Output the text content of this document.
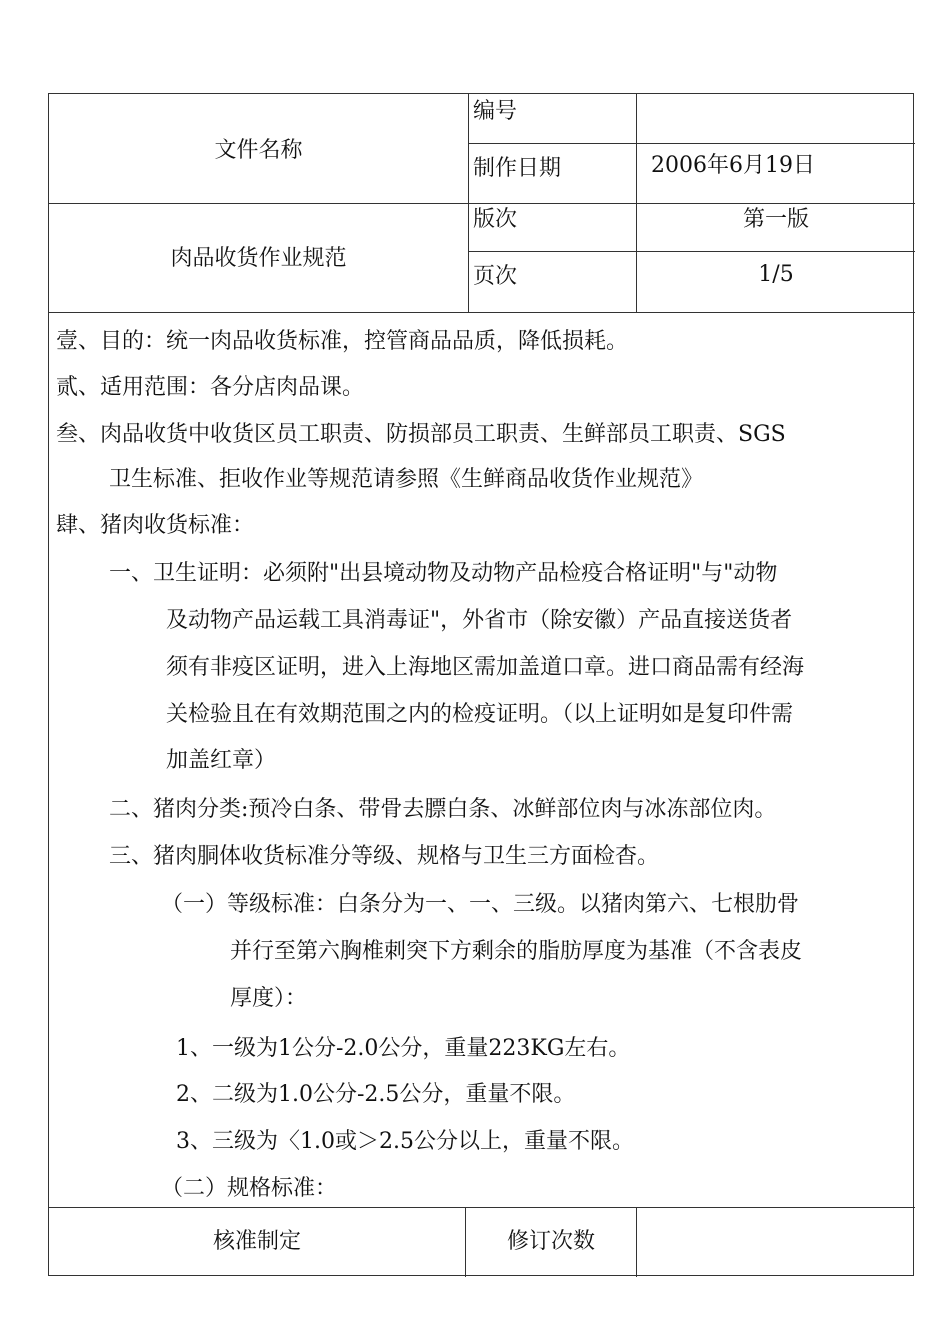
文件名称
肉品收货作业规范
编号
制作日期	2006年6月19日
版次	第一版
页次	1/5
壹、目的：统一肉品收货标准，控管商品品质，降低损耗。
贰、适用范围：各分店肉品课。
叁、肉品收货中收货区员工职责、防损部员工职责、生鲜部员工职责、SGS
卫生标准、拒收作业等规范请参照《生鲜商品收货作业规范》
肆、猪肉收货标准：
一、卫生证明：必须附"出县境动物及动物产品检疫合格证明"与"动物
及动物产品运载工具消毒证"，外省市（除安徽）产品直接送货者
须有非疫区证明，进入上海地区需加盖道口章。进口商品需有经海
关检验且在有效期范围之内的检疫证明。（以上证明如是复印件需
加盖红章）
二、猪肉分类:预冷白条、带骨去膘白条、冰鲜部位肉与冰冻部位肉。
三、猪肉胴体收货标准分等级、规格与卫生三方面检杳。
（一）等级标准：白条分为一、一、三级。以猪肉第六、七根肋骨
并行至第六胸椎刺突下方剩余的脂肪厚度为基准（不含表皮
厚度）：
1、一级为1公分-2.0公分，重量223KG左右。
2、二级为1.0公分-2.5公分，重量不限。
3、三级为〈1.0或＞2.5公分以上，重量不限。
（二）规格标准：
核准制定	修订次数
